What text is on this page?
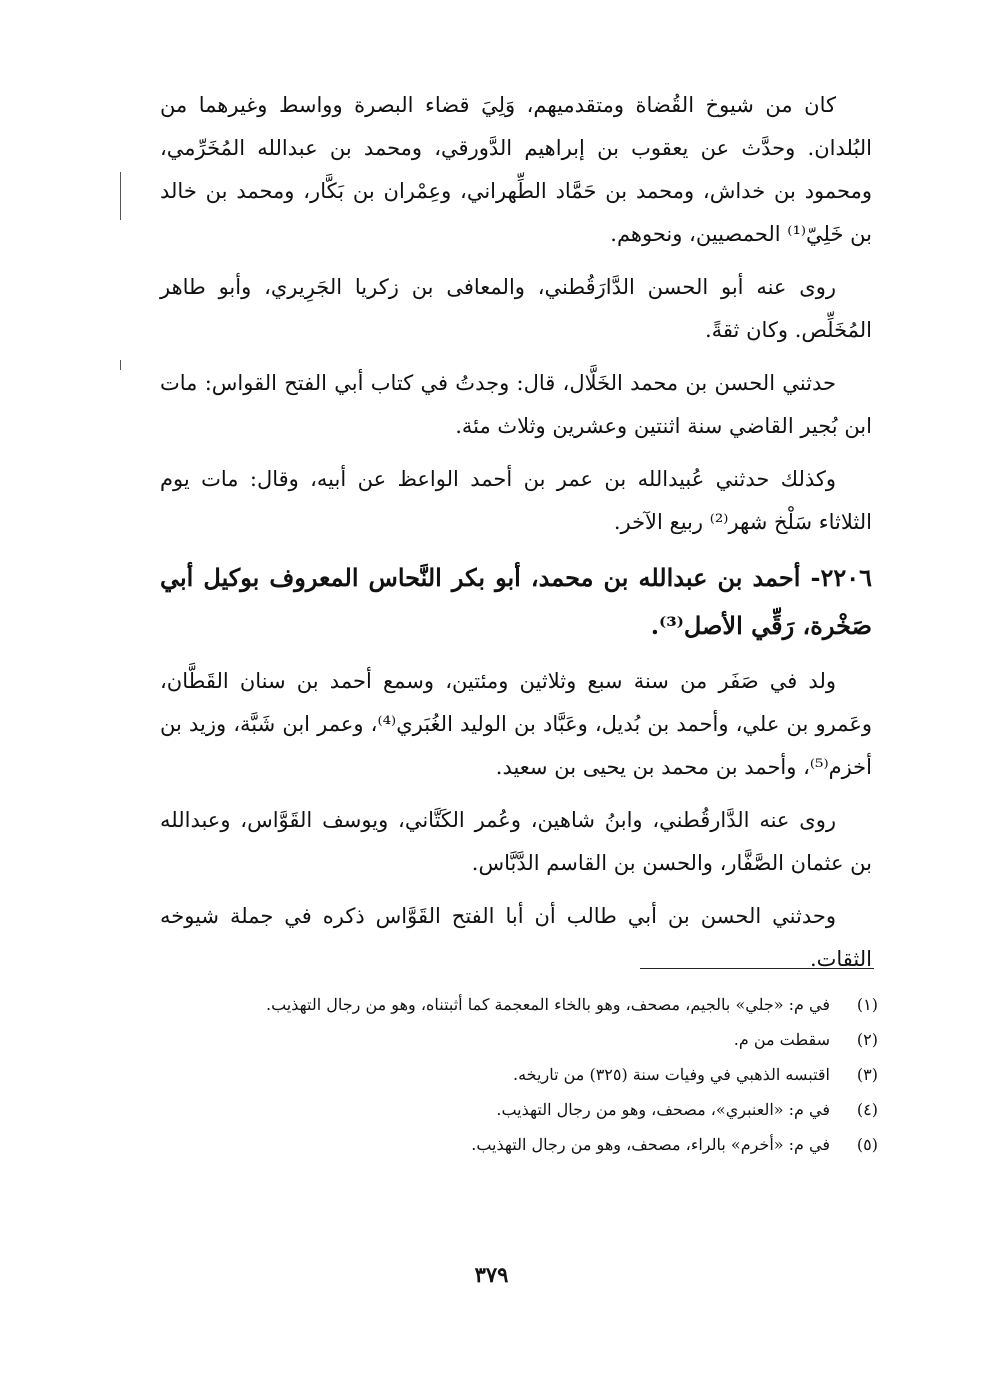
كان من شيوخ القُضاة ومتقدميهم، وَلِيَ قضاء البصرة وواسط وغيرهما من البُلدان. وحدَّث عن يعقوب بن إبراهيم الدَّورقي، ومحمد بن عبدالله المُخَرِّمي، ومحمود بن خداش، ومحمد بن حَمَّاد الطِّهراني، وعِمْران بن بَكَّار، ومحمد بن خالد بن خَلِيّ⁽¹⁾ الحمصيين، ونحوهم.

روى عنه أبو الحسن الدَّارَقُطني، والمعافى بن زكريا الجَرِيري، وأبو طاهر المُخَلِّص. وكان ثقةً.

حدثني الحسن بن محمد الخَلَّال، قال: وجدتُ في كتاب أبي الفتح القواس: مات ابن بُجير القاضي سنة اثنتين وعشرين وثلاث مئة.

وكذلك حدثني عُبيدالله بن عمر بن أحمد الواعظ عن أبيه، وقال: مات يوم الثلاثاء سَلْخ شهر⁽²⁾ ربيع الآخر.

٢٢٠٦- أحمد بن عبدالله بن محمد، أبو بكر النَّحاس المعروف بوكيل أبي صَخْرة، رَقِّي الأصل⁽³⁾.

ولد في صَفَر من سنة سبع وثلاثين ومئتين، وسمع أحمد بن سنان القَطَّان، وعَمرو بن علي، وأحمد بن بُديل، وعَبَّاد بن الوليد الغُبَري⁽⁴⁾، وعمر ابن شَبَّة، وزيد بن أخزم⁽⁵⁾، وأحمد بن محمد بن يحيى بن سعيد.

روى عنه الدَّارقُطني، وابنُ شاهين، وعُمر الكَتَّاني، ويوسف القَوَّاس، وعبدالله بن عثمان الصَّفَّار، والحسن بن القاسم الدَّبَّاس.

وحدثني الحسن بن أبي طالب أن أبا الفتح القَوَّاس ذكره في جملة شيوخه الثقات.

(١)
في م: «جلي» بالجيم، مصحف، وهو بالخاء المعجمة كما أثبتناه، وهو من رجال التهذيب.
(٢)
سقطت من م.
(٣)
اقتبسه الذهبي في وفيات سنة (٣٢٥) من تاريخه.
(٤)
في م: «العنبري»، مصحف، وهو من رجال التهذيب.
(٥)
في م: «أخرم» بالراء، مصحف، وهو من رجال التهذيب.
٣٧٩
